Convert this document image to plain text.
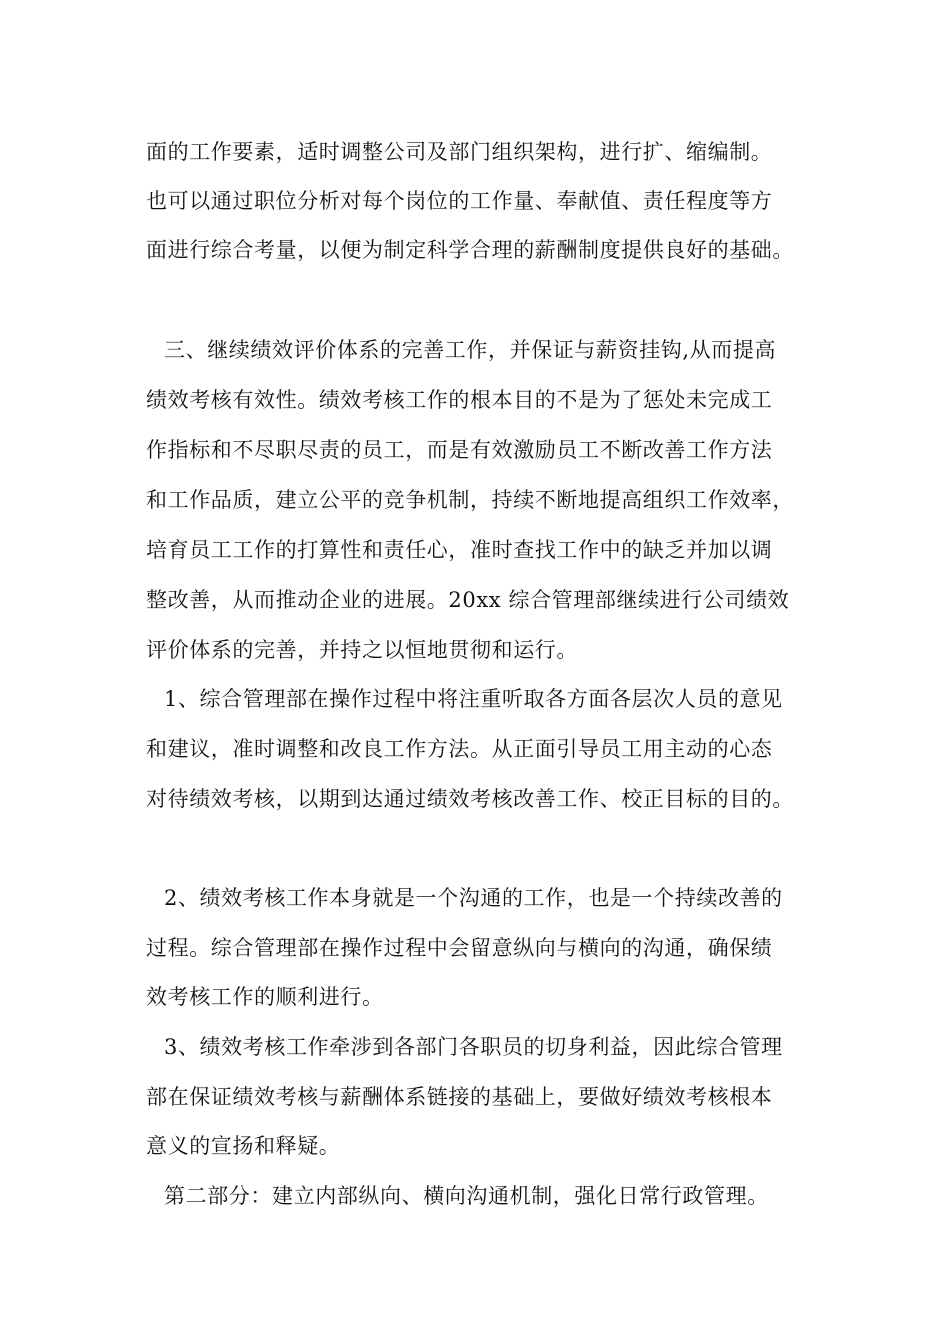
面的工作要素，适时调整公司及部门组织架构，进行扩、缩编制。
也可以通过职位分析对每个岗位的工作量、奉献值、责任程度等方
面进行综合考量，以便为制定科学合理的薪酬制度提供良好的基础。
三、继续绩效评价体系的完善工作，并保证与薪资挂钩,从而提高
绩效考核有效性。绩效考核工作的根本目的不是为了惩处未完成工
作指标和不尽职尽责的员工，而是有效激励员工不断改善工作方法
和工作品质，建立公平的竞争机制，持续不断地提高组织工作效率，
培育员工工作的打算性和责任心，准时查找工作中的缺乏并加以调
整改善，从而推动企业的进展。20xx 综合管理部继续进行公司绩效
评价体系的完善，并持之以恒地贯彻和运行。
1、综合管理部在操作过程中将注重听取各方面各层次人员的意见
和建议，准时调整和改良工作方法。从正面引导员工用主动的心态
对待绩效考核，以期到达通过绩效考核改善工作、校正目标的目的。
2、绩效考核工作本身就是一个沟通的工作，也是一个持续改善的
过程。综合管理部在操作过程中会留意纵向与横向的沟通，确保绩
效考核工作的顺利进行。
3、绩效考核工作牵涉到各部门各职员的切身利益，因此综合管理
部在保证绩效考核与薪酬体系链接的基础上，要做好绩效考核根本
意义的宣扬和释疑。
第二部分：建立内部纵向、横向沟通机制，强化日常行政管理。
